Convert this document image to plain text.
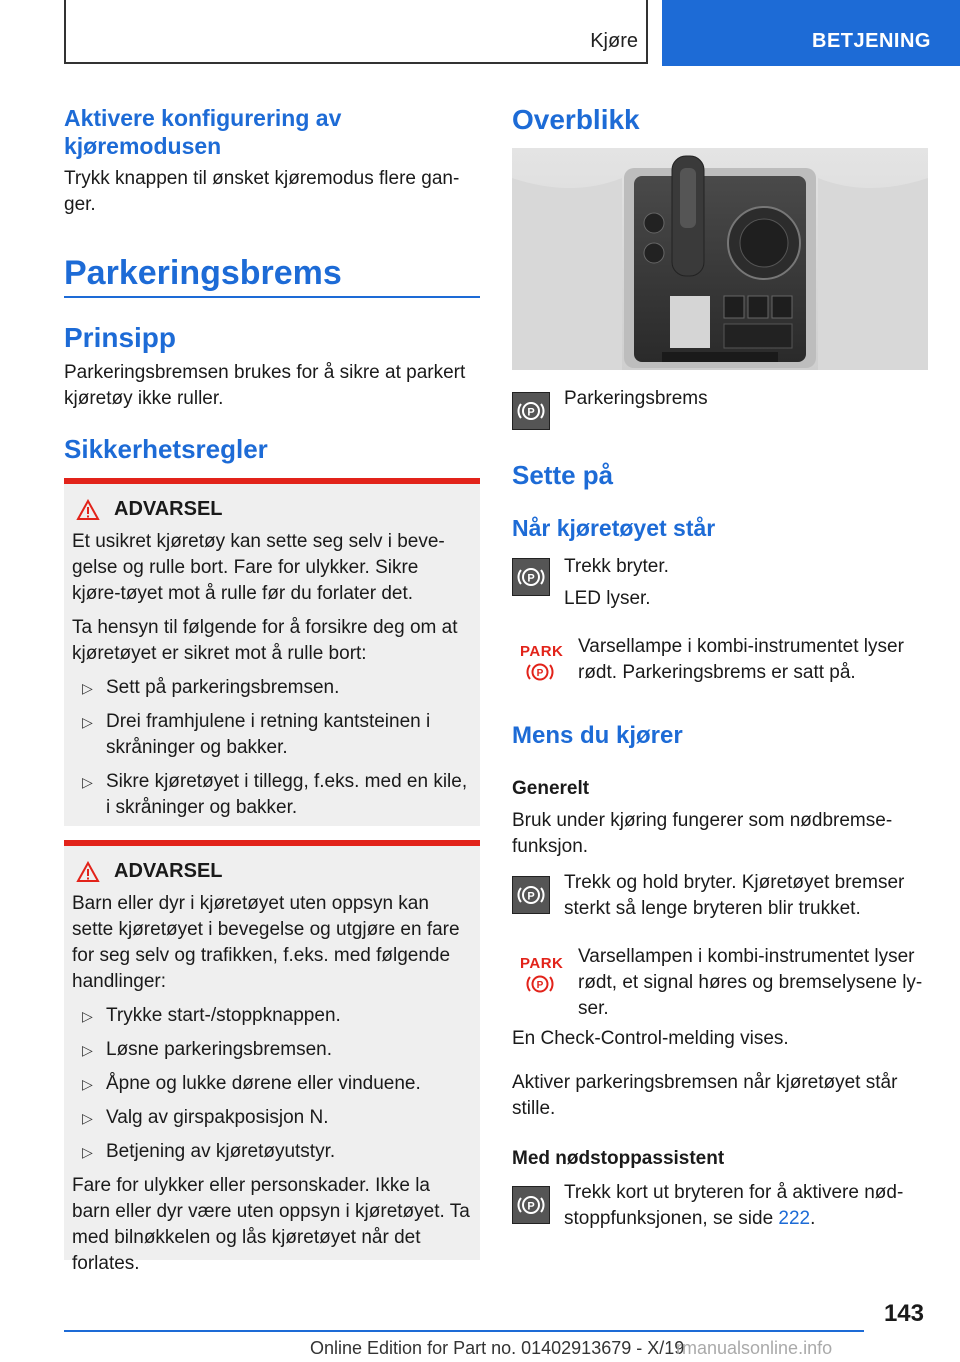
Kjøre	BETJENING
Aktivere konfigurering av kjøremodusen
Trykk knappen til ønsket kjøremodus flere gan-ger.
Parkeringsbrems
Prinsipp
Parkeringsbremsen brukes for å sikre at parkert kjøretøy ikke ruller.
Sikkerhetsregler
ADVARSEL

Et usikret kjøretøy kan sette seg selv i beve-gelse og rulle bort. Fare for ulykker. Sikre kjøre-tøyet mot å rulle før du forlater det.

Ta hensyn til følgende for å forsikre deg om at kjøretøyet er sikret mot å rulle bort:

▷ Sett på parkeringsbremsen.
▷ Drei framhjulene i retning kantsteinen i skråninger og bakker.
▷ Sikre kjøretøyet i tillegg, f.eks. med en kile, i skråninger og bakker.
ADVARSEL

Barn eller dyr i kjøretøyet uten oppsyn kan sette kjøretøyet i bevegelse og utgjøre en fare for seg selv og trafikken, f.eks. med følgende handlinger:

▷ Trykke start-/stoppknappen.
▷ Løsne parkeringsbremsen.
▷ Åpne og lukke dørene eller vinduene.
▷ Valg av girspakposisjon N.
▷ Betjening av kjøretøyutstyr.

Fare for ulykker eller personskader. Ikke la barn eller dyr være uten oppsyn i kjøretøyet. Ta med bilnøkkelen og lås kjøretøyet når det forlates.

Overblikk
P
Parkeringsbrems
Sette på
Når kjøretøyet står
P
Trekk bryter.
LED lyser.
PARK
P
Varsellampe i kombi-instrumentet lyser rødt. Parkeringsbrems er satt på.
Mens du kjører
Generelt
Bruk under kjøring fungerer som nødbremse-funksjon.
P
Trekk og hold bryter. Kjøretøyet bremser sterkt så lenge bryteren blir trukket.
PARK
P
Varsellampen i kombi-instrumentet lyser rødt, et signal høres og bremselysene ly-ser.
En Check-Control-melding vises.
Aktiver parkeringsbremsen når kjøretøyet står stille.
Med nødstoppassistent
P
Trekk kort ut bryteren for å aktivere nød-stoppfunksjonen, se side 222.
143
Online Edition for Part no. 01402913679 - X/19
rmanualsonline.info
